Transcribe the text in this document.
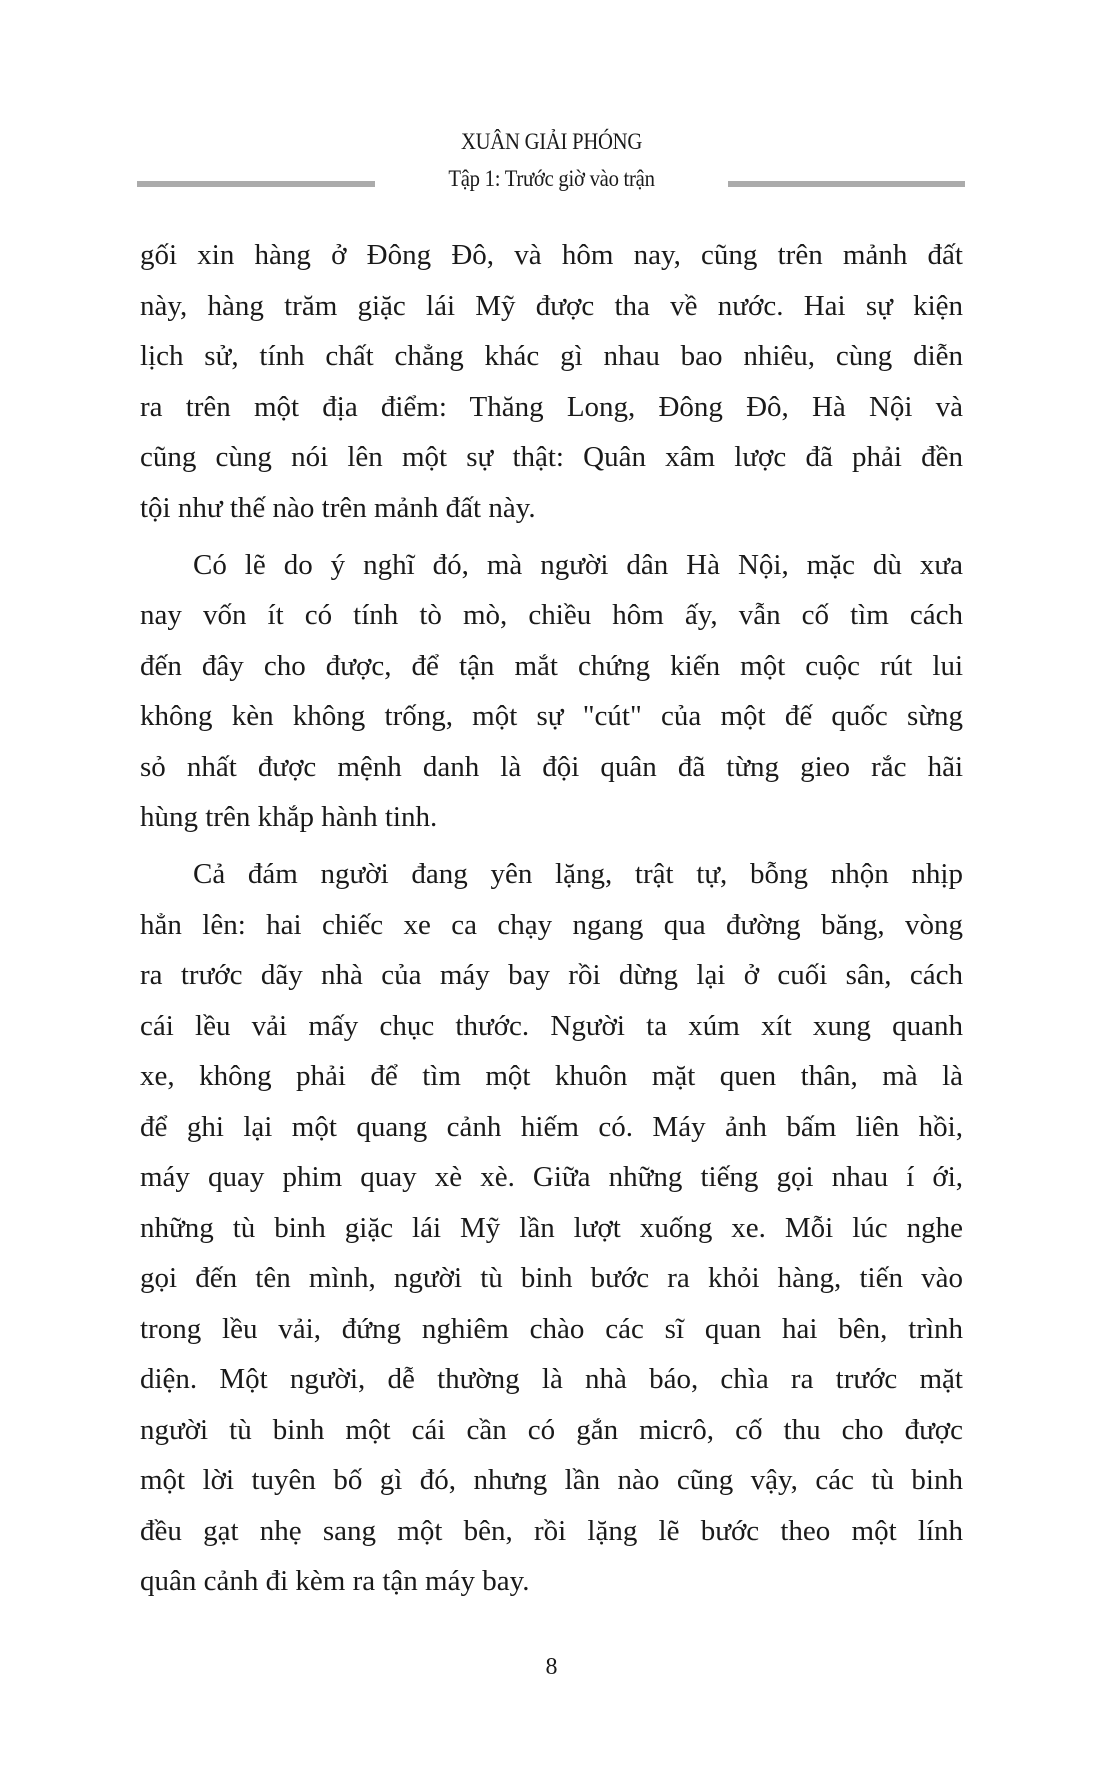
XUÂN GIẢI PHÓNG
Tập 1: Trước giờ vào trận

gối xin hàng ở Đông Đô, và hôm nay, cũng trên mảnh đất
này, hàng trăm giặc lái Mỹ được tha về nước. Hai sự kiện
lịch sử, tính chất chẳng khác gì nhau bao nhiêu, cùng diễn
ra trên một địa điểm: Thăng Long, Đông Đô, Hà Nội và
cũng cùng nói lên một sự thật: Quân xâm lược đã phải đền
tội như thế nào trên mảnh đất này.

Có lẽ do ý nghĩ đó, mà người dân Hà Nội, mặc dù xưa
nay vốn ít có tính tò mò, chiều hôm ấy, vẫn cố tìm cách
đến đây cho được, để tận mắt chứng kiến một cuộc rút lui
không kèn không trống, một sự "cút" của một đế quốc sừng
sỏ nhất được mệnh danh là đội quân đã từng gieo rắc hãi
hùng trên khắp hành tinh.

Cả đám người đang yên lặng, trật tự, bỗng nhộn nhịp
hẳn lên: hai chiếc xe ca chạy ngang qua đường băng, vòng
ra trước dãy nhà của máy bay rồi dừng lại ở cuối sân, cách
cái lều vải mấy chục thước. Người ta xúm xít xung quanh
xe, không phải để tìm một khuôn mặt quen thân, mà là
để ghi lại một quang cảnh hiếm có. Máy ảnh bấm liên hồi,
máy quay phim quay xè xè. Giữa những tiếng gọi nhau í ới,
những tù binh giặc lái Mỹ lần lượt xuống xe. Mỗi lúc nghe
gọi đến tên mình, người tù binh bước ra khỏi hàng, tiến vào
trong lều vải, đứng nghiêm chào các sĩ quan hai bên, trình
diện. Một người, dễ thường là nhà báo, chìa ra trước mặt
người tù binh một cái cần có gắn micrô, cố thu cho được
một lời tuyên bố gì đó, nhưng lần nào cũng vậy, các tù binh
đều gạt nhẹ sang một bên, rồi lặng lẽ bước theo một lính
quân cảnh đi kèm ra tận máy bay.

8
